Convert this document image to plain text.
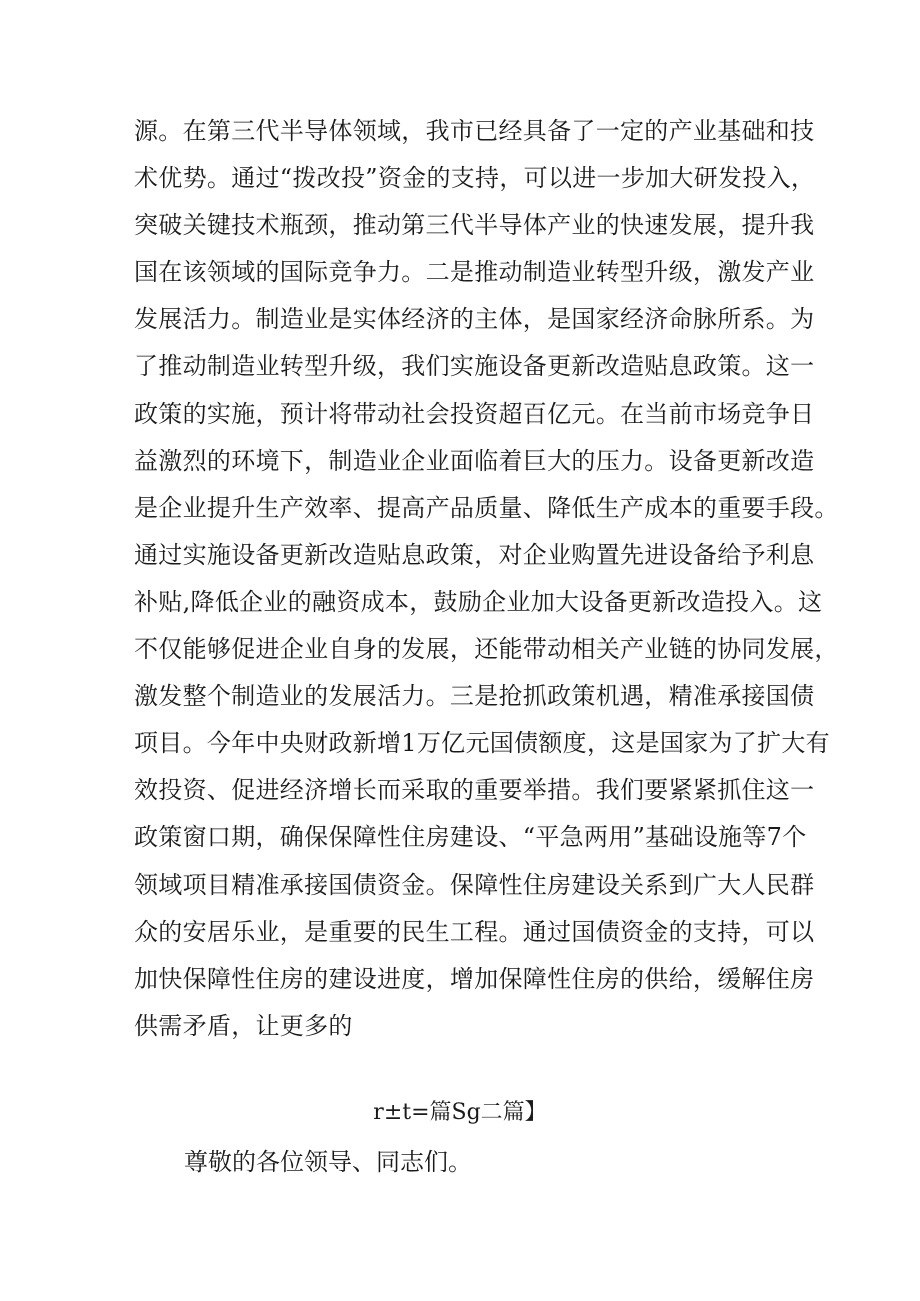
源。在第三代半导体领域，我市已经具备了一定的产业基础和技
术优势。通过“拨改投”资金的支持，可以进一步加大研发投入，
突破关键技术瓶颈，推动第三代半导体产业的快速发展，提升我
国在该领域的国际竞争力。二是推动制造业转型升级，激发产业
发展活力。制造业是实体经济的主体，是国家经济命脉所系。为
了推动制造业转型升级，我们实施设备更新改造贴息政策。这一
政策的实施，预计将带动社会投资超百亿元。在当前市场竞争日
益激烈的环境下，制造业企业面临着巨大的压力。设备更新改造
是企业提升生产效率、提高产品质量、降低生产成本的重要手段。
通过实施设备更新改造贴息政策，对企业购置先进设备给予利息
补贴,降低企业的融资成本，鼓励企业加大设备更新改造投入。这
不仅能够促进企业自身的发展，还能带动相关产业链的协同发展，
激发整个制造业的发展活力。三是抢抓政策机遇，精准承接国债
项目。今年中央财政新增1万亿元国债额度，这是国家为了扩大有
效投资、促进经济增长而采取的重要举措。我们要紧紧抓住这一
政策窗口期，确保保障性住房建设、“平急两用”基础设施等7个
领域项目精准承接国债资金。保障性住房建设关系到广大人民群
众的安居乐业，是重要的民生工程。通过国债资金的支持，可以
加快保障性住房的建设进度，增加保障性住房的供给，缓解住房
供需矛盾，让更多的
r±t=篇Sg二篇】
尊敬的各位领导、同志们。
